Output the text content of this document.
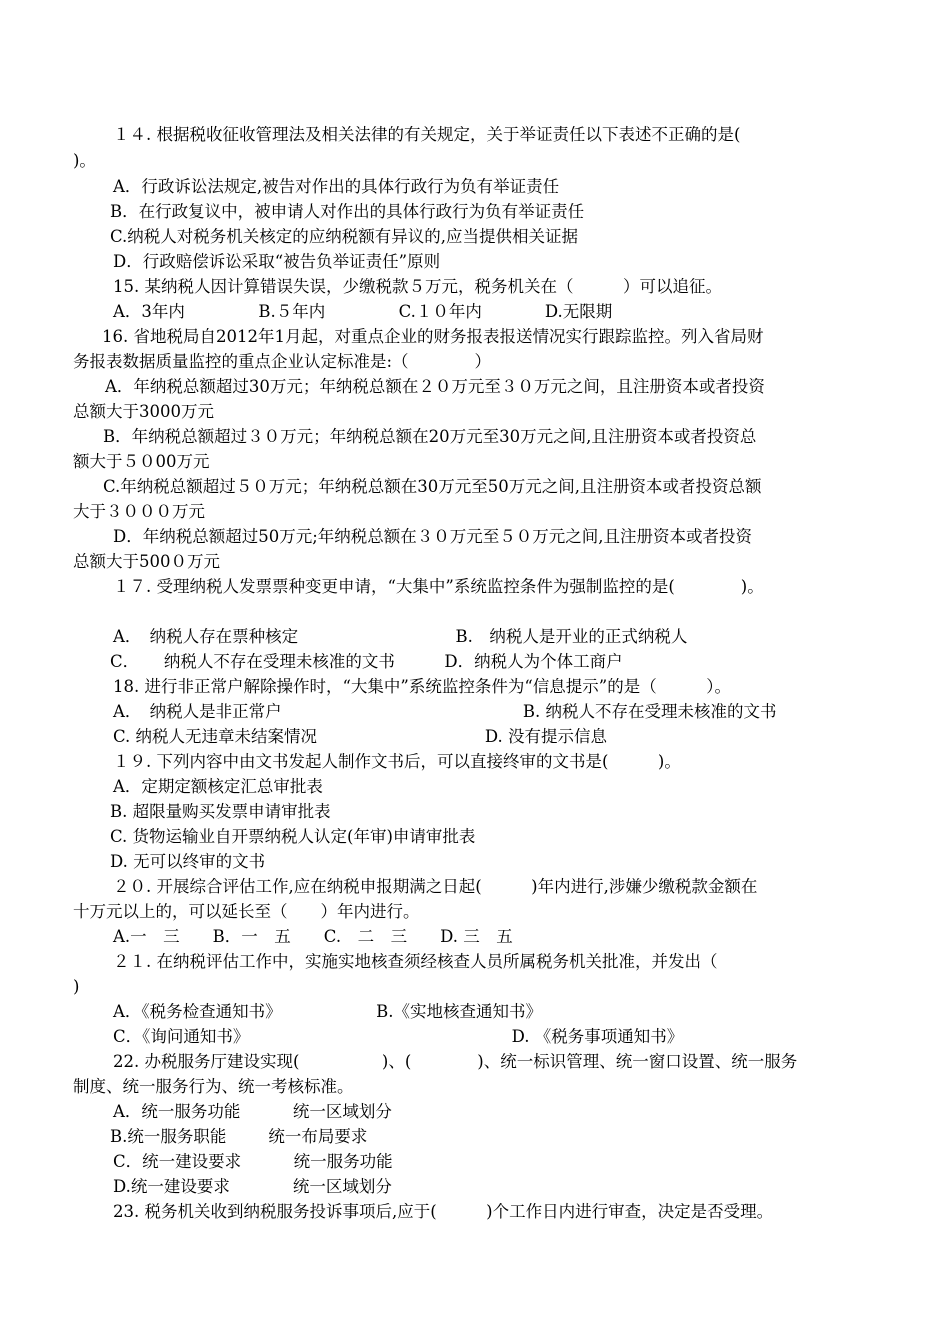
１４. 根据税收征收管理法及相关法律的有关规定，关于举证责任以下表述不正确的是(
)。
A．行政诉讼法规定,被告对作出的具体行政行为负有举证责任
B．在行政复议中，被申请人对作出的具体行政行为负有举证责任
C.纳税人对税务机关核定的应纳税额有异议的,应当提供相关证据
D．行政赔偿诉讼采取“被告负举证责任”原则
15. 某纳税人因计算错误失误，少缴税款５万元，税务机关在（　　　）可以追征。
A．3年内              B.５年内              C.１０年内            D.无限期
16. 省地税局自2012年1月起，对重点企业的财务报表报送情况实行跟踪监控。列入省局财
务报表数据质量监控的重点企业认定标准是:（　　　　）
A．年纳税总额超过30万元；年纳税总额在２０万元至３０万元之间，且注册资本或者投资
总额大于3000万元
B．年纳税总额超过３０万元；年纳税总额在20万元至30万元之间,且注册资本或者投资总
额大于５０00万元
C.年纳税总额超过５０万元；年纳税总额在30万元至50万元之间,且注册资本或者投资总额
大于３０００万元
D．年纳税总额超过50万元;年纳税总额在３０万元至５０万元之间,且注册资本或者投资
总额大于500０万元
１７. 受理纳税人发票票种变更申请，“大集中”系统监控条件为强制监控的是(　　　　)。
A．　纳税人存在票种核定                              B.　纳税人是开业的正式纳税人
C．　　纳税人不存在受理未核准的文书　　　D．纳税人为个体工商户
18. 进行非正常户解除操作时，“大集中”系统监控条件为“信息提示”的是（　　　）。
A．　纳税人是非正常户                                              B. 纳税人不存在受理未核准的文书
C. 纳税人无违章未结案情况                                D. 没有提示信息
１９. 下列内容中由文书发起人制作文书后，可以直接终审的文书是(　　　)。
A．定期定额核定汇总审批表
B. 超限量购买发票申请审批表
C. 货物运输业自开票纳税人认定(年审)申请审批表
D. 无可以终审的文书
２０. 开展综合评估工作,应在纳税申报期满之日起(　　　)年内进行,涉嫌少缴税款金额在
十万元以上的，可以延长至（　　）年内进行。
A.一　三　　B．一　五　　C.　二　三　　D. 三　五
２１. 在纳税评估工作中，实施实地核查须经核查人员所属税务机关批准，并发出（
)
A．《税务检查通知书》                  B.《实地核查通知书》
C．《询问通知书》                                                  D. 《税务事项通知书》
22. 办税服务厅建设实现(　　　　　)、(　　　　)、统一标识管理、统一窗口设置、统一服务
制度、统一服务行为、统一考核标准。
A．统一服务功能          统一区域划分
B.统一服务职能        统一布局要求
C．统一建设要求          统一服务功能
D.统一建设要求            统一区域划分
23. 税务机关收到纳税服务投诉事项后,应于(　　　)个工作日内进行审查，决定是否受理。
